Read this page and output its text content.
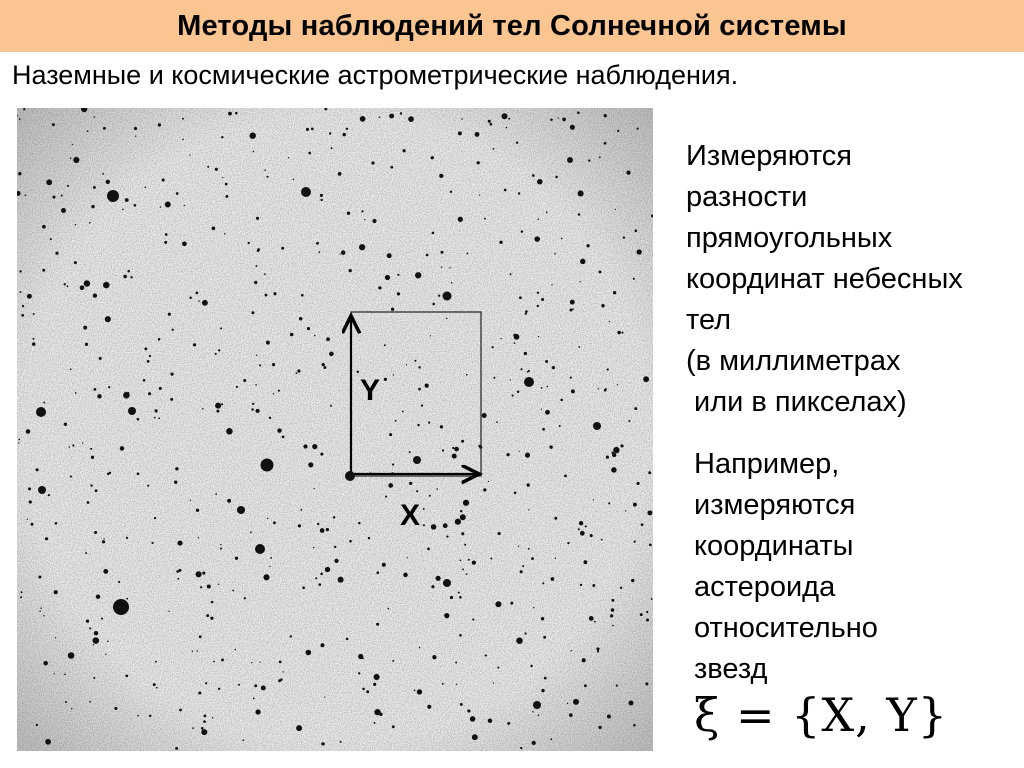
Методы наблюдений тел Солнечной системы
Наземные и космические астрометрические наблюдения.
Y
X
Измеряются
разности
прямоугольных
координат небесных
тел
(в миллиметрах
или в пикселах)
Например,
измеряются
координаты
астероида
относительно
звезд
ξ = {X, Y}
